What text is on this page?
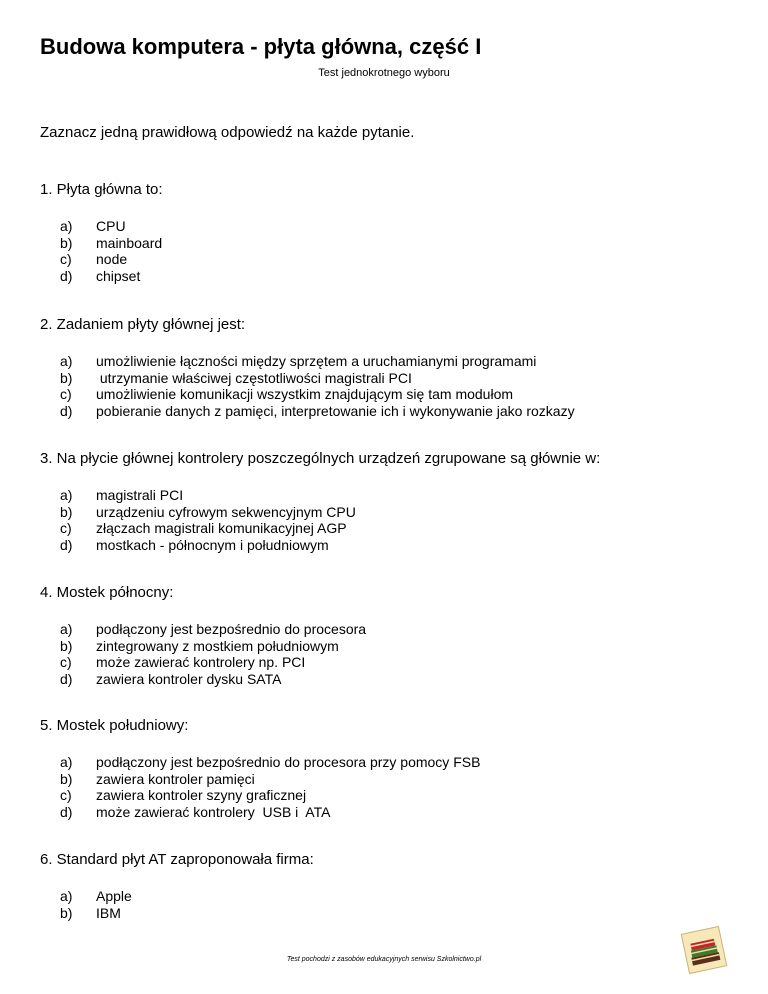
Budowa komputera - płyta główna, część I
Test jednokrotnego wyboru
Zaznacz jedną prawidłową odpowiedź na każde pytanie.
1. Płyta główna to:
a)	CPU
b)	mainboard
c)	node
d)	chipset
2. Zadaniem płyty głównej jest:
a)	umożliwienie łączności między sprzętem a uruchamianymi programami
b)	utrzymanie właściwej częstotliwości magistrali PCI
c)	umożliwienie komunikacji wszystkim znajdującym się tam modułom
d)	pobieranie danych z pamięci, interpretowanie ich i wykonywanie jako rozkazy
3. Na płycie głównej kontrolery poszczególnych urządzeń zgrupowane są głównie w:
a)	magistrali PCI
b)	urządzeniu cyfrowym sekwencyjnym CPU
c)	złączach magistrali komunikacyjnej AGP
d)	mostkach - północnym i południowym
4. Mostek północny:
a)	podłączony jest bezpośrednio do procesora
b)	zintegrowany z mostkiem południowym
c)	może zawierać kontrolery np. PCI
d)	zawiera kontroler dysku SATA
5. Mostek południowy:
a)	podłączony jest bezpośrednio do procesora przy pomocy FSB
b)	zawiera kontroler pamięci
c)	zawiera kontroler szyny graficznej
d)	może zawierać kontrolery  USB i  ATA
6. Standard płyt AT zaproponowała firma:
a)	Apple
b)	IBM
Test pochodzi z zasobów edukacyjnych serwisu Szkolnictwo.pl
